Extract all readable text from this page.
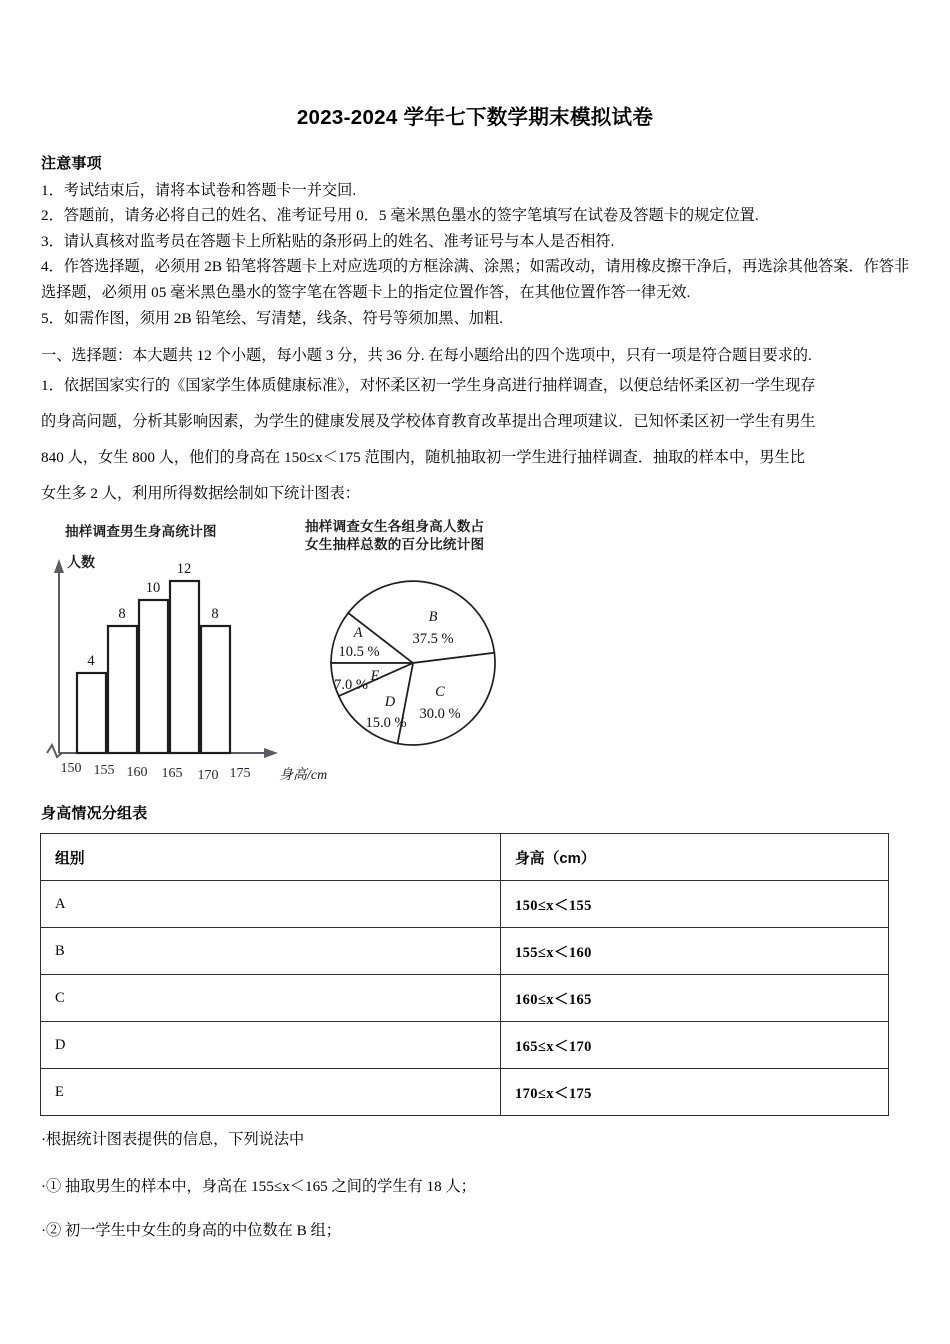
2023-2024 学年七下数学期末模拟试卷
注意事项
1．考试结束后，请将本试卷和答题卡一并交回.
2．答题前，请务必将自己的姓名、准考证号用 0．5 毫米黑色墨水的签字笔填写在试卷及答题卡的规定位置.
3．请认真核对监考员在答题卡上所粘贴的条形码上的姓名、准考证号与本人是否相符.
4．作答选择题，必须用 2B 铅笔将答题卡上对应选项的方框涂满、涂黑；如需改动，请用橡皮擦干净后，再选涂其他答案．作答非选择题，必须用 05 毫米黑色墨水的签字笔在答题卡上的指定位置作答，在其他位置作答一律无效.
5．如需作图，须用 2B 铅笔绘、写清楚，线条、符号等须加黑、加粗.
一、选择题：本大题共 12 个小题，每小题 3 分，共 36 分. 在每小题给出的四个选项中，只有一项是符合题目要求的.
1．依据国家实行的《国家学生体质健康标准》，对怀柔区初一学生身高进行抽样调查，以便总结怀柔区初一学生现存
的身高问题，分析其影响因素，为学生的健康发展及学校体育教育改革提出合理项建议．已知怀柔区初一学生有男生
840 人，女生 800 人，他们的身高在 150≤x＜175 范围内，随机抽取初一学生进行抽样调查．抽取的样本中，男生比
女生多 2 人，利用所得数据绘制如下统计图表：
抽样调查男生身高统计图	抽样调查女生各组身高人数占
女生抽样总数的百分比统计图
4
8
10
12
8
150 155 160 165 170 175
人数
身高/cm
A
10.5 %
B
37.5 %
C
30.0 %
D
15.0 %
E
7.0 %
身高情况分组表
组别	身高（cm）
A	150≤x＜155
B	155≤x＜160
C	160≤x＜165
D	165≤x＜170
E	170≤x＜175
·根据统计图表提供的信息，下列说法中
·① 抽取男生的样本中，身高在 155≤x＜165 之间的学生有 18 人；
·② 初一学生中女生的身高的中位数在 B 组；
